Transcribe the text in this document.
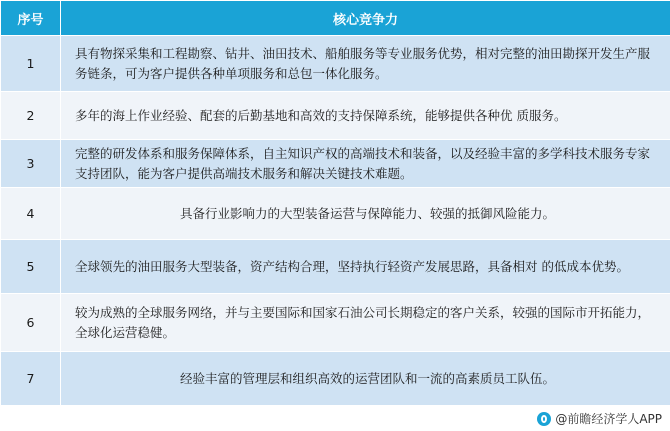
序号	核心竞争力
1	具有物探采集和工程勘察、钻井、油田技术、船舶服务等专业服务优势，相对完整的油田勘探开发生产服务链条，可为客户提供各种单项服务和总包一体化服务。
2	多年的海上作业经验、配套的后勤基地和高效的支持保障系统，能够提供各种优 质服务。
3	完整的研发体系和服务保障体系，自主知识产权的高端技术和装备，以及经验丰富的多学科技术服务专家支持团队，能为客户提供高端技术服务和解决关键技术难题。
4	具备行业影响力的大型装备运营与保障能力、较强的抵御风险能力。
5	全球领先的油田服务大型装备，资产结构合理，坚持执行轻资产发展思路，具备相对 的低成本优势。
6	较为成熟的全球服务网络，并与主要国际和国家石油公司长期稳定的客户关系，较强的国际市开拓能力，全球化运营稳健。
7	经验丰富的管理层和组织高效的运营团队和一流的高素质员工队伍。
@前瞻经济学人APP
